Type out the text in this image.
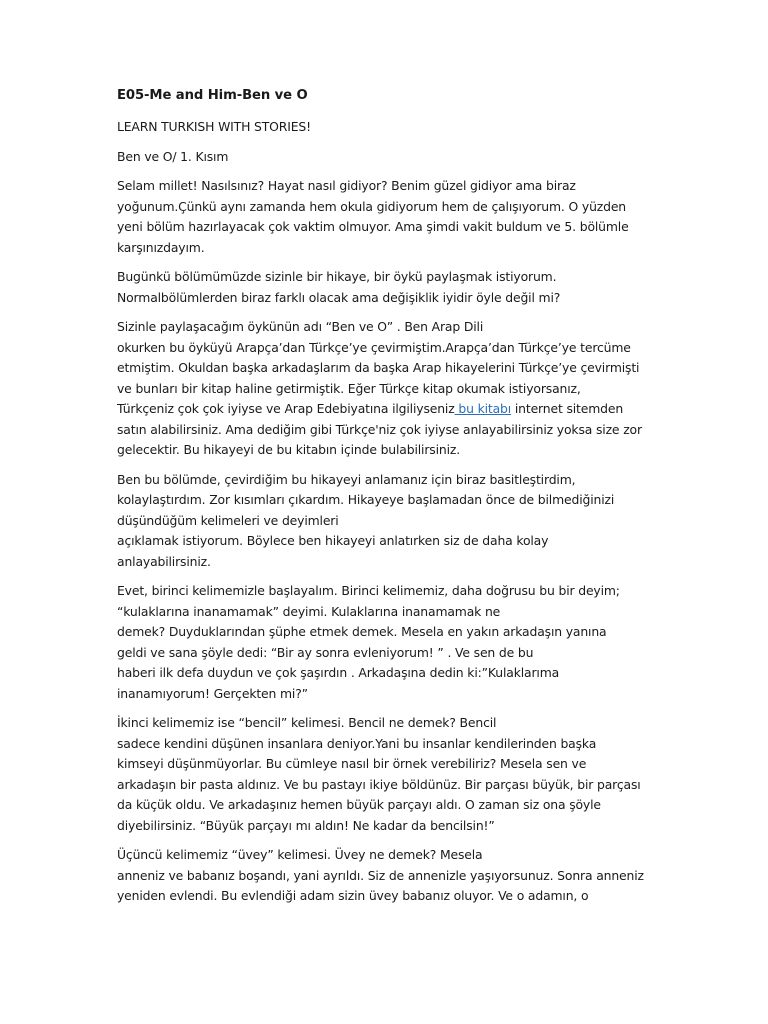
E05-Me and Him-Ben ve O
LEARN TURKISH WITH STORIES!
Ben ve O/ 1. Kısım
Selam millet! Nasılsınız? Hayat nasıl gidiyor? Benim güzel gidiyor ama biraz
yoğunum.Çünkü aynı zamanda hem okula gidiyorum hem de çalışıyorum. O yüzden
yeni bölüm hazırlayacak çok vaktim olmuyor. Ama şimdi vakit buldum ve 5. bölümle
karşınızdayım.
Bugünkü bölümümüzde sizinle bir hikaye, bir öykü paylaşmak istiyorum.
Normalbölümlerden biraz farklı olacak ama değişiklik iyidir öyle değil mi?
Sizinle paylaşacağım öykünün adı “Ben ve O” . Ben Arap Dili
okurken bu öyküyü Arapça’dan Türkçe’ye çevirmiştim.Arapça’dan Türkçe’ye tercüme
etmiştim. Okuldan başka arkadaşlarım da başka Arap hikayelerini Türkçe’ye çevirmişti
ve bunları bir kitap haline getirmiştik. Eğer Türkçe kitap okumak istiyorsanız,
Türkçeniz çok çok iyiyse ve Arap Edebiyatına ilgiliyseniz bu kitabı internet sitemden
satın alabilirsiniz. Ama dediğim gibi Türkçe'niz çok iyiyse anlayabilirsiniz yoksa size zor
gelecektir. Bu hikayeyi de bu kitabın içinde bulabilirsiniz.
Ben bu bölümde, çevirdiğim bu hikayeyi anlamanız için biraz basitleştirdim,
kolaylaştırdım. Zor kısımları çıkardım. Hikayeye başlamadan önce de bilmediğinizi
düşündüğüm kelimeleri ve deyimleri
açıklamak istiyorum. Böylece ben hikayeyi anlatırken siz de daha kolay
anlayabilirsiniz.
Evet, birinci kelimemizle başlayalım. Birinci kelimemiz, daha doğrusu bu bir deyim;
“kulaklarına inanamamak” deyimi. Kulaklarına inanamamak ne
demek? Duyduklarından şüphe etmek demek. Mesela en yakın arkadaşın yanına
geldi ve sana şöyle dedi: “Bir ay sonra evleniyorum! ” . Ve sen de bu
haberi ilk defa duydun ve çok şaşırdın . Arkadaşına dedin ki:”Kulaklarıma
inanamıyorum! Gerçekten mi?”
İkinci kelimemiz ise “bencil” kelimesi. Bencil ne demek? Bencil
sadece kendini düşünen insanlara deniyor.Yani bu insanlar kendilerinden başka
kimseyi düşünmüyorlar. Bu cümleye nasıl bir örnek verebiliriz? Mesela sen ve
arkadaşın bir pasta aldınız. Ve bu pastayı ikiye böldünüz. Bir parçası büyük, bir parçası
da küçük oldu. Ve arkadaşınız hemen büyük parçayı aldı. O zaman siz ona şöyle
diyebilirsiniz. “Büyük parçayı mı aldın! Ne kadar da bencilsin!”
Üçüncü kelimemiz “üvey” kelimesi. Üvey ne demek? Mesela
anneniz ve babanız boşandı, yani ayrıldı. Siz de annenizle yaşıyorsunuz. Sonra anneniz
yeniden evlendi. Bu evlendiği adam sizin üvey babanız oluyor. Ve o adamın, o
